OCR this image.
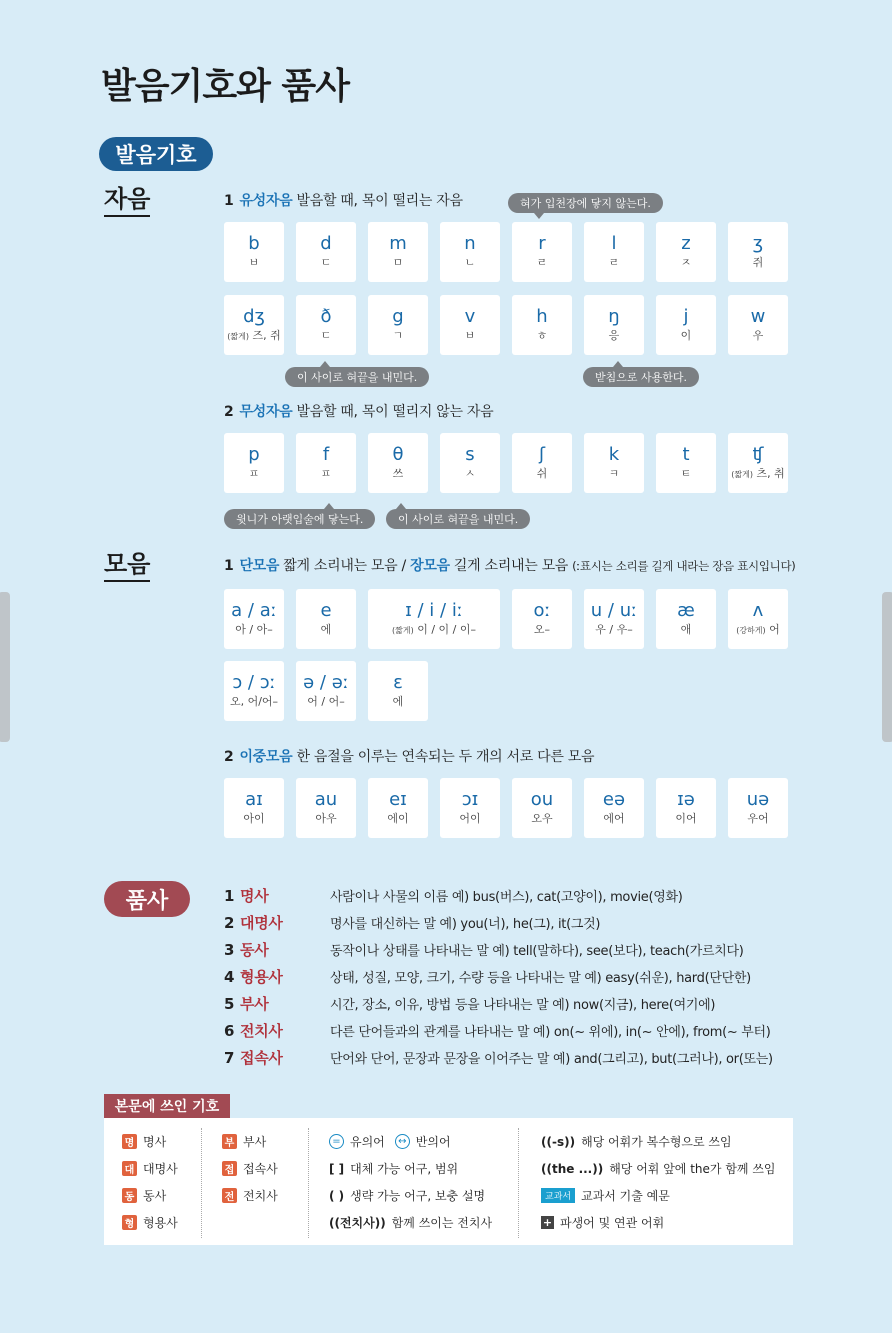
발음기호와 품사
발음기호
자음	1 유성자음 발음할 때, 목이 떨리는 자음	혀가 입천장에 닿지 않는다.
b
ㅂ
d
ㄷ
m
ㅁ
n
ㄴ
r
ㄹ
l
ㄹ
z
ㅈ
ʒ
쥐
dʒ
(짧게) 즈, 쥐
ð
ㄷ
g
ㄱ
v
ㅂ
h
ㅎ
ŋ
응
j
이
w
우
이 사이로 혀끝을 내민다.	받침으로 사용한다.
2 무성자음 발음할 때, 목이 떨리지 않는 자음
p
ㅍ
f
ㅍ
θ
쓰
s
ㅅ
ʃ
쉬
k
ㅋ
t
ㅌ
ʧ
(짧게) 츠, 취
윗니가 아랫입술에 닿는다.	이 사이로 혀끝을 내민다.
모음	1 단모음 짧게 소리내는 모음 / 장모음 길게 소리내는 모음 (ː표시는 소리를 길게 내라는 장음 표시입니다)
a / aː
아 / 아–
e
에
ɪ / i / iː
(짧게) 이 / 이 / 이–
oː
오–
u / uː
우 / 우–
æ
애
ʌ
(강하게) 어
ɔ / ɔː
오, 어/어–
ə / əː
어 / 어–
ɛ
에
2 이중모음 한 음절을 이루는 연속되는 두 개의 서로 다른 모음
aɪ
아이
au
아우
eɪ
에이
ɔɪ
어이
ou
오우
eə
에어
ɪə
이어
uə
우어
품사	1 명사	사람이나 사물의 이름 예) bus(버스), cat(고양이), movie(영화)
2 대명사	명사를 대신하는 말 예) you(너), he(그), it(그것)
3 동사	동작이나 상태를 나타내는 말 예) tell(말하다), see(보다), teach(가르치다)
4 형용사	상태, 성질, 모양, 크기, 수량 등을 나타내는 말 예) easy(쉬운), hard(단단한)
5 부사	시간, 장소, 이유, 방법 등을 나타내는 말 예) now(지금), here(여기에)
6 전치사	다른 단어들과의 관계를 나타내는 말 예) on(~ 위에), in(~ 안에), from(~ 부터)
7 접속사	단어와 단어, 문장과 문장을 이어주는 말 예) and(그리고), but(그러나), or(또는)
본문에 쓰인 기호
명 명사
대 대명사
동 동사
형 형용사
부 부사
접 접속사
전 전치사
= 유의어	↔ 반의어
[ ] 대체 가능 어구, 범위
( ) 생략 가능 어구, 보충 설명
((전치사)) 함께 쓰이는 전치사
((-s)) 해당 어휘가 복수형으로 쓰임
((the ...)) 해당 어휘 앞에 the가 함께 쓰임
교과서 교과서 기출 예문
+ 파생어 및 연관 어휘
